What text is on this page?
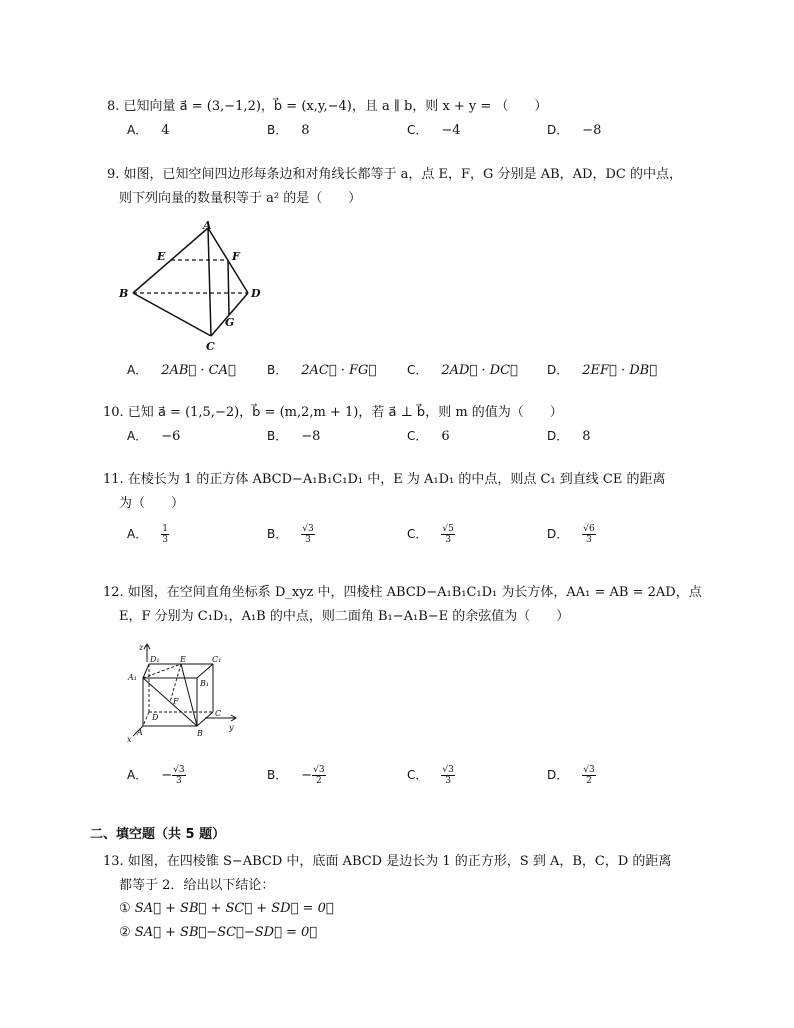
8. 已知向量 a⃗ = (3,−1,2)，b⃗ = (x,y,−4)，且 a ∥ b，则 x + y = （　　）
A． 4	B． 8	C． −4	D． −8
9. 如图，已知空间四边形每条边和对角线长都等于 a，点 E，F，G 分别是 AB，AD，DC 的中点，
则下列向量的数量积等于 a² 的是（　　）
A
B
C
D
E	F
G
A． 2AB⃗ · CA⃗	B． 2AC⃗ · FG⃗	C． 2AD⃗ · DC⃗ D． 2EF⃗ · DB⃗
10. 已知 a⃗ = (1,5,−2)，b⃗ = (m,2,m + 1)，若 a⃗ ⊥ b⃗，则 m 的值为（　　）
A． −6	B． −8	C． 6	D． 8
11. 在棱长为 1 的正方体 ABCD−A₁B₁C₁D₁ 中，E 为 A₁D₁ 的中点，则点 C₁ 到直线 CE 的距离
为（　　）
A． $\frac{1}{3}$	B． $\frac{√3}{3}$	C． $\frac{√5}{3}$	D． $\frac{√6}{3}$
12. 如图，在空间直角坐标系 D_xyz 中，四棱柱 ABCD−A₁B₁C₁D₁ 为长方体，AA₁ = AB = 2AD，点
E，F 分别为 C₁D₁，A₁B 的中点，则二面角 B₁−A₁B−E 的余弦值为（　　）
z
y
x
D₁	E	C₁
A₁
B₁
F
D	C
A	B
A． − $\frac{√3}{3}$	B． − $\frac{√3}{2}$	C． $\frac{√3}{3}$	D． $\frac{√3}{2}$
二、填空题（共 5 题）
13. 如图，在四棱锥 S−ABCD 中，底面 ABCD 是边长为 1 的正方形，S 到 A，B，C，D 的距离
都等于 2．给出以下结论：
① SA⃗ + SB⃗ + SC⃗ + SD⃗ = 0；
② SA⃗ + SB⃗−SC⃗−SD⃗ = 0；
